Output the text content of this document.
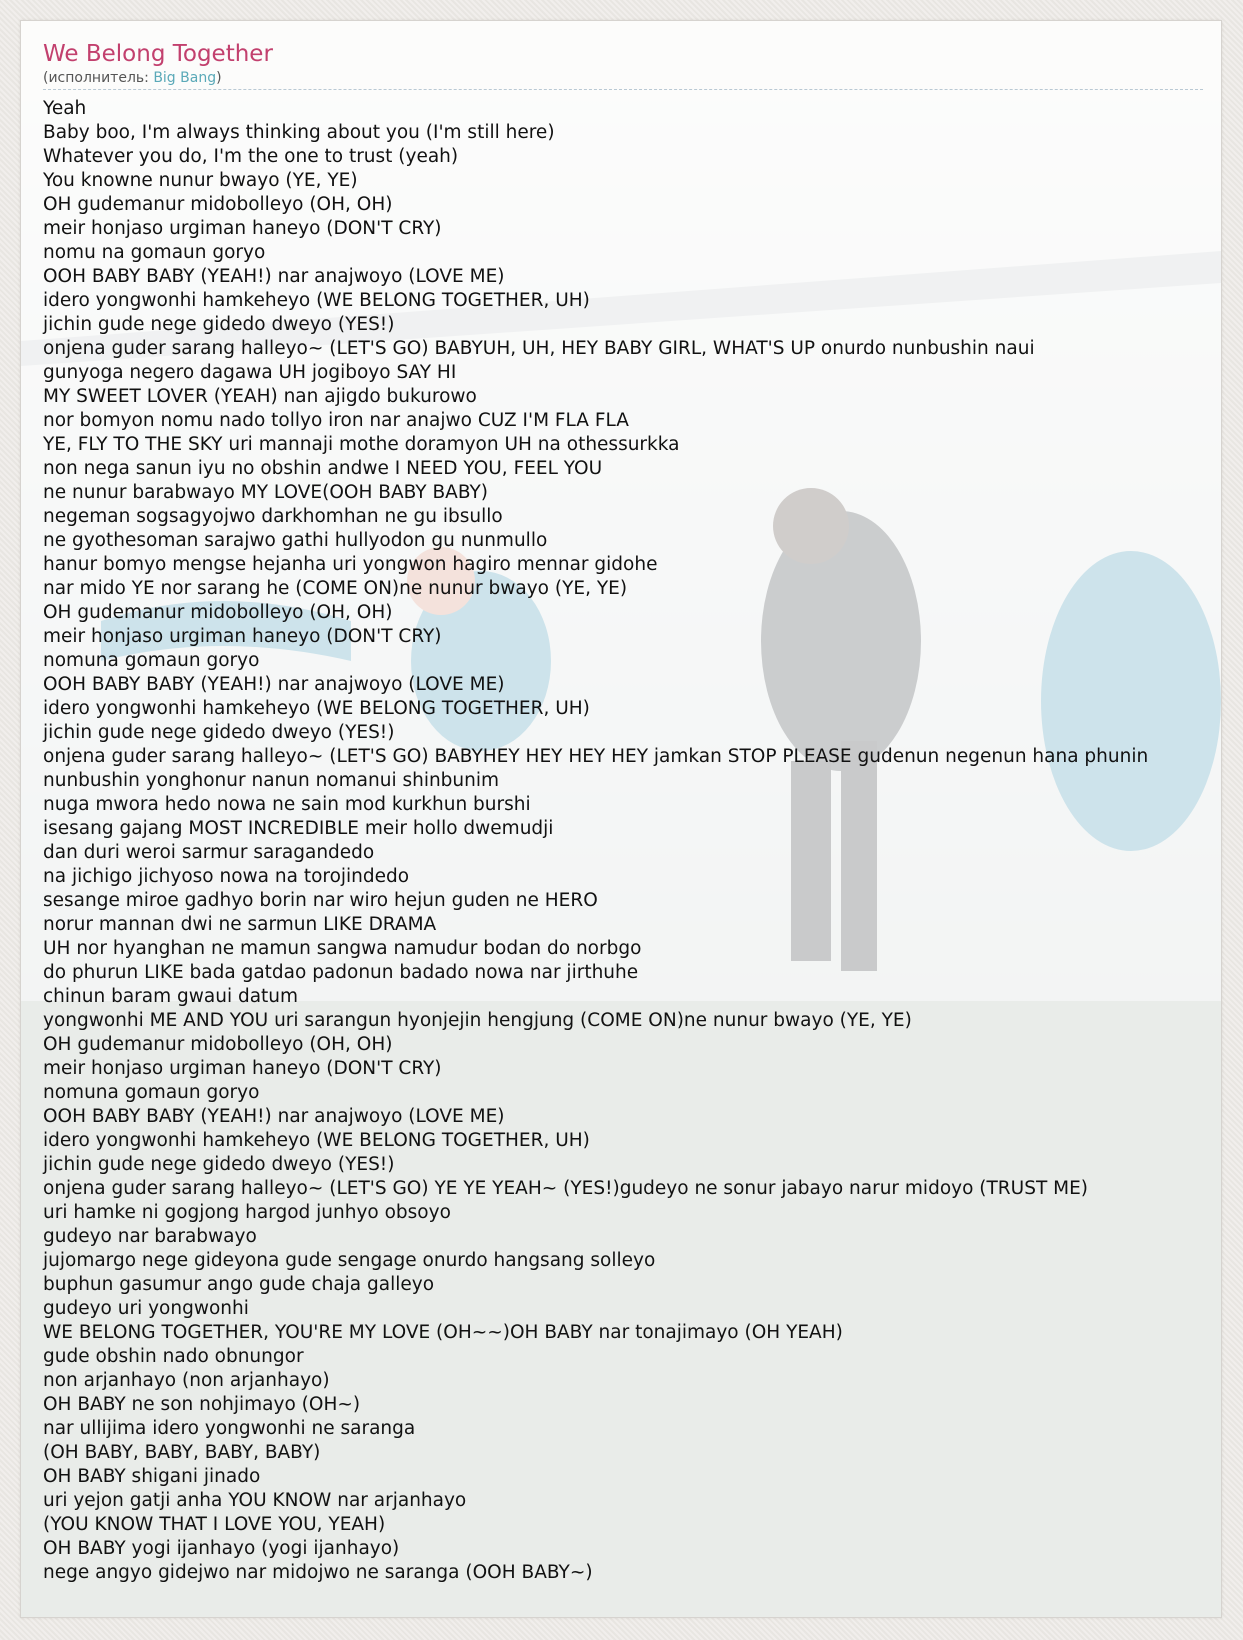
We Belong Together
(исполнитель: Big Bang)
Yeah
Baby boo, I'm always thinking about you (I'm still here)
Whatever you do, I'm the one to trust (yeah)
You knowne nunur bwayo (YE, YE)
OH gudemanur midobolleyo (OH, OH)
meir honjaso urgiman haneyo (DON'T CRY)
nomu na gomaun goryo
OOH BABY BABY (YEAH!) nar anajwoyo (LOVE ME)
idero yongwonhi hamkeheyo (WE BELONG TOGETHER, UH)
jichin gude nege gidedo dweyo (YES!)
onjena guder sarang halleyo~ (LET'S GO) BABYUH, UH, HEY BABY GIRL, WHAT'S UP onurdo nunbushin naui
gunyoga negero dagawa UH jogiboyo SAY HI
MY SWEET LOVER (YEAH) nan ajigdo bukurowo
nor bomyon nomu nado tollyo iron nar anajwo CUZ I'M FLA FLA
YE, FLY TO THE SKY uri mannaji mothe doramyon UH na othessurkka
non nega sanun iyu no obshin andwe I NEED YOU, FEEL YOU
ne nunur barabwayo MY LOVE(OOH BABY BABY)
negeman sogsagyojwo darkhomhan ne gu ibsullo
ne gyothesoman sarajwo gathi hullyodon gu nunmullo
hanur bomyo mengse hejanha uri yongwon hagiro mennar gidohe
nar mido YE nor sarang he (COME ON)ne nunur bwayo (YE, YE)
OH gudemanur midobolleyo (OH, OH)
meir honjaso urgiman haneyo (DON'T CRY)
nomuna gomaun goryo
OOH BABY BABY (YEAH!) nar anajwoyo (LOVE ME)
idero yongwonhi hamkeheyo (WE BELONG TOGETHER, UH)
jichin gude nege gidedo dweyo (YES!)
onjena guder sarang halleyo~ (LET'S GO) BABYHEY HEY HEY HEY jamkan STOP PLEASE gudenun negenun hana phunin
nunbushin yonghonur nanun nomanui shinbunim
nuga mwora hedo nowa ne sain mod kurkhun burshi
isesang gajang MOST INCREDIBLE meir hollo dwemudji
dan duri weroi sarmur saragandedo
na jichigo jichyoso nowa na torojindedo
sesange miroe gadhyo borin nar wiro hejun guden ne HERO
norur mannan dwi ne sarmun LIKE DRAMA
UH nor hyanghan ne mamun sangwa namudur bodan do norbgo
do phurun LIKE bada gatdao padonun badado nowa nar jirthuhe
chinun baram gwaui datum
yongwonhi ME AND YOU uri sarangun hyonjejin hengjung (COME ON)ne nunur bwayo (YE, YE)
OH gudemanur midobolleyo (OH, OH)
meir honjaso urgiman haneyo (DON'T CRY)
nomuna gomaun goryo
OOH BABY BABY (YEAH!) nar anajwoyo (LOVE ME)
idero yongwonhi hamkeheyo (WE BELONG TOGETHER, UH)
jichin gude nege gidedo dweyo (YES!)
onjena guder sarang halleyo~ (LET'S GO) YE YE YEAH~ (YES!)gudeyo ne sonur jabayo narur midoyo (TRUST ME)
uri hamke ni gogjong hargod junhyo obsoyo
gudeyo nar barabwayo
jujomargo nege gideyona gude sengage onurdo hangsang solleyo
buphun gasumur ango gude chaja galleyo
gudeyo uri yongwonhi
WE BELONG TOGETHER, YOU'RE MY LOVE (OH~~)OH BABY nar tonajimayo (OH YEAH)
gude obshin nado obnungor
non arjanhayo (non arjanhayo)
OH BABY ne son nohjimayo (OH~)
nar ullijima idero yongwonhi ne saranga
(OH BABY, BABY, BABY, BABY)
OH BABY shigani jinado
uri yejon gatji anha YOU KNOW nar arjanhayo
(YOU KNOW THAT I LOVE YOU, YEAH)
OH BABY yogi ijanhayo (yogi ijanhayo)
nege angyo gidejwo nar midojwo ne saranga (OOH BABY~)
